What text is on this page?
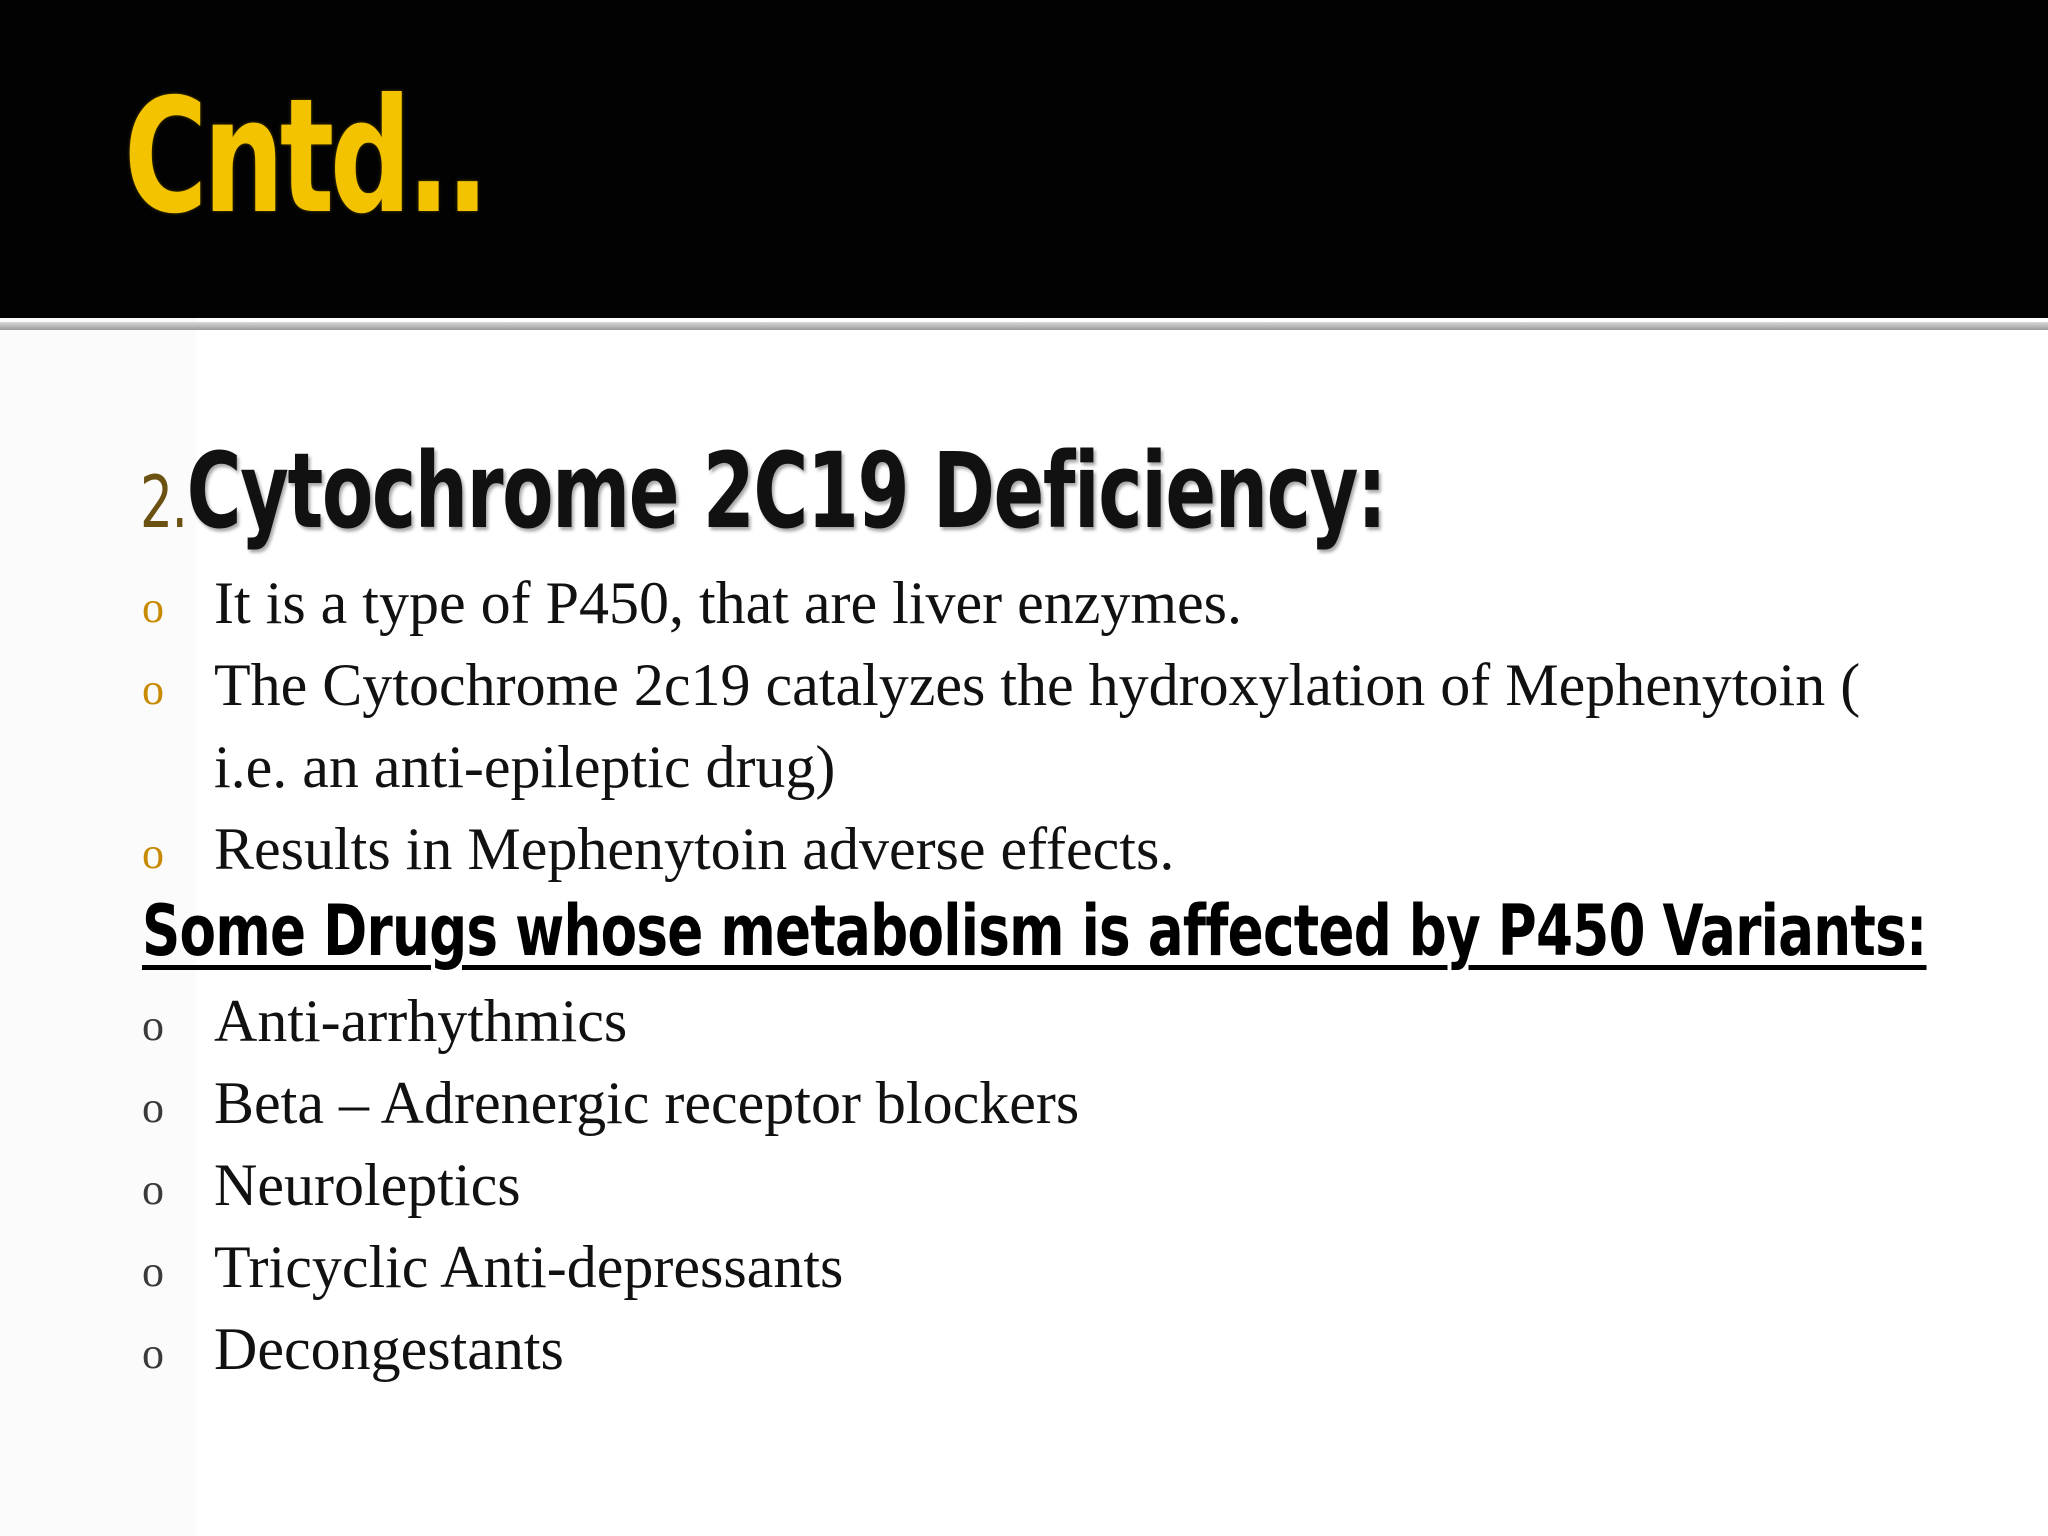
Cntd..
2.Cytochrome 2C19 Deficiency:
o It is a type of P450, that are liver enzymes.
o The Cytochrome 2c19 catalyzes the hydroxylation of Mephenytoin ( i.e. an anti-epileptic drug)
o Results in Mephenytoin adverse effects.
Some Drugs whose metabolism is affected by P450 Variants:
o Anti-arrhythmics
o Beta – Adrenergic receptor blockers
o Neuroleptics
o Tricyclic Anti-depressants
o Decongestants
